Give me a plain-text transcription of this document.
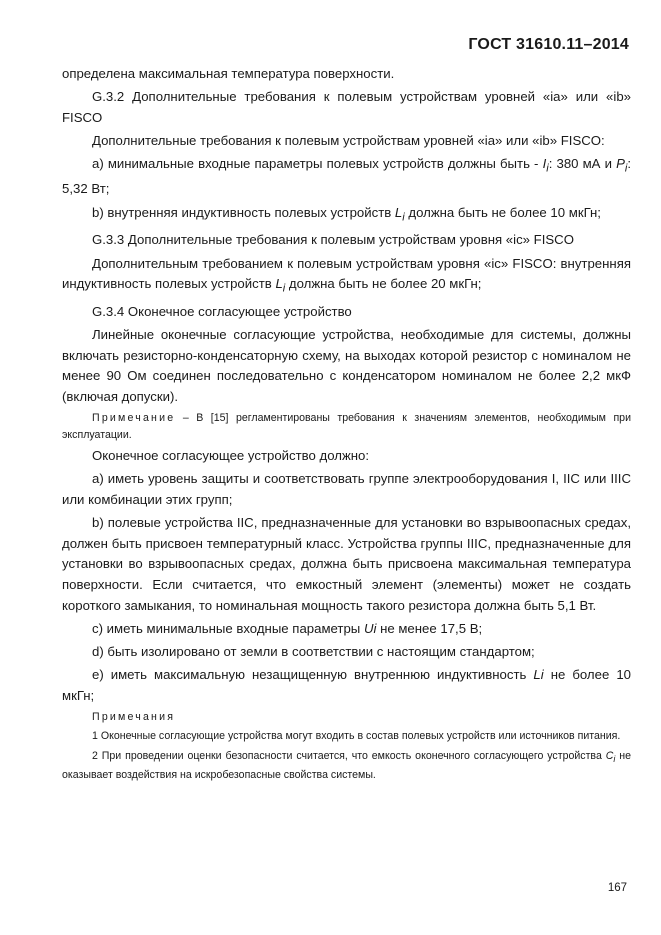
ГОСТ 31610.11–2014

определена максимальная температура поверхности.

G.3.2 Дополнительные требования к полевым устройствам уровней «ia» или «ib» FISCO

Дополнительные требования к полевым устройствам уровней «ia» или «ib» FISCO:

а) минимальные входные параметры полевых устройств должны быть - $I_i$: 380 мА и $P_i$: 5,32 Вт;

b) внутренняя индуктивность полевых устройств $L_i$ должна быть не более 10 мкГн;

G.3.3 Дополнительные требования к полевым устройствам уровня «ic» FISCO

Дополнительным требованием к полевым устройствам уровня «ic» FISCO: внутренняя индуктивность полевых устройств $L_i$ должна быть не более 20 мкГн;

G.3.4 Оконечное согласующее устройство

Линейные оконечные согласующие устройства, необходимые для системы, должны включать резисторно-конденсаторную схему, на выходах которой резистор с номиналом не менее 90 Ом соединен последовательно с конденсатором номиналом не более 2,2 мкФ (включая допуски).

Примечание – В [15] регламентированы требования к значениям элементов, необходимым при эксплуатации.

Оконечное согласующее устройство должно:

а) иметь уровень защиты и соответствовать группе электрооборудования I, IIC или IIIC или комбинации этих групп;

b) полевые устройства IIC, предназначенные для установки во взрывоопасных средах, должен быть присвоен температурный класс. Устройства группы IIIC, предназначенные для установки во взрывоопасных средах, должна быть присвоена максимальная температура поверхности. Если считается, что емкостный элемент (элементы) может не создать короткого замыкания, то номинальная мощность такого резистора должна быть 5,1 Вт.

с) иметь минимальные входные параметры Ui не менее 17,5 В;

d) быть изолировано от земли в соответствии с настоящим стандартом;

е) иметь максимальную незащищенную внутреннюю индуктивность Li не более 10 мкГн;

Примечания

1 Оконечные согласующие устройства могут входить в состав полевых устройств или источников питания.

2 При проведении оценки безопасности считается, что емкость оконечного согласующего устройства $C_i$ не оказывает воздействия на искробезопасные свойства системы.

167
